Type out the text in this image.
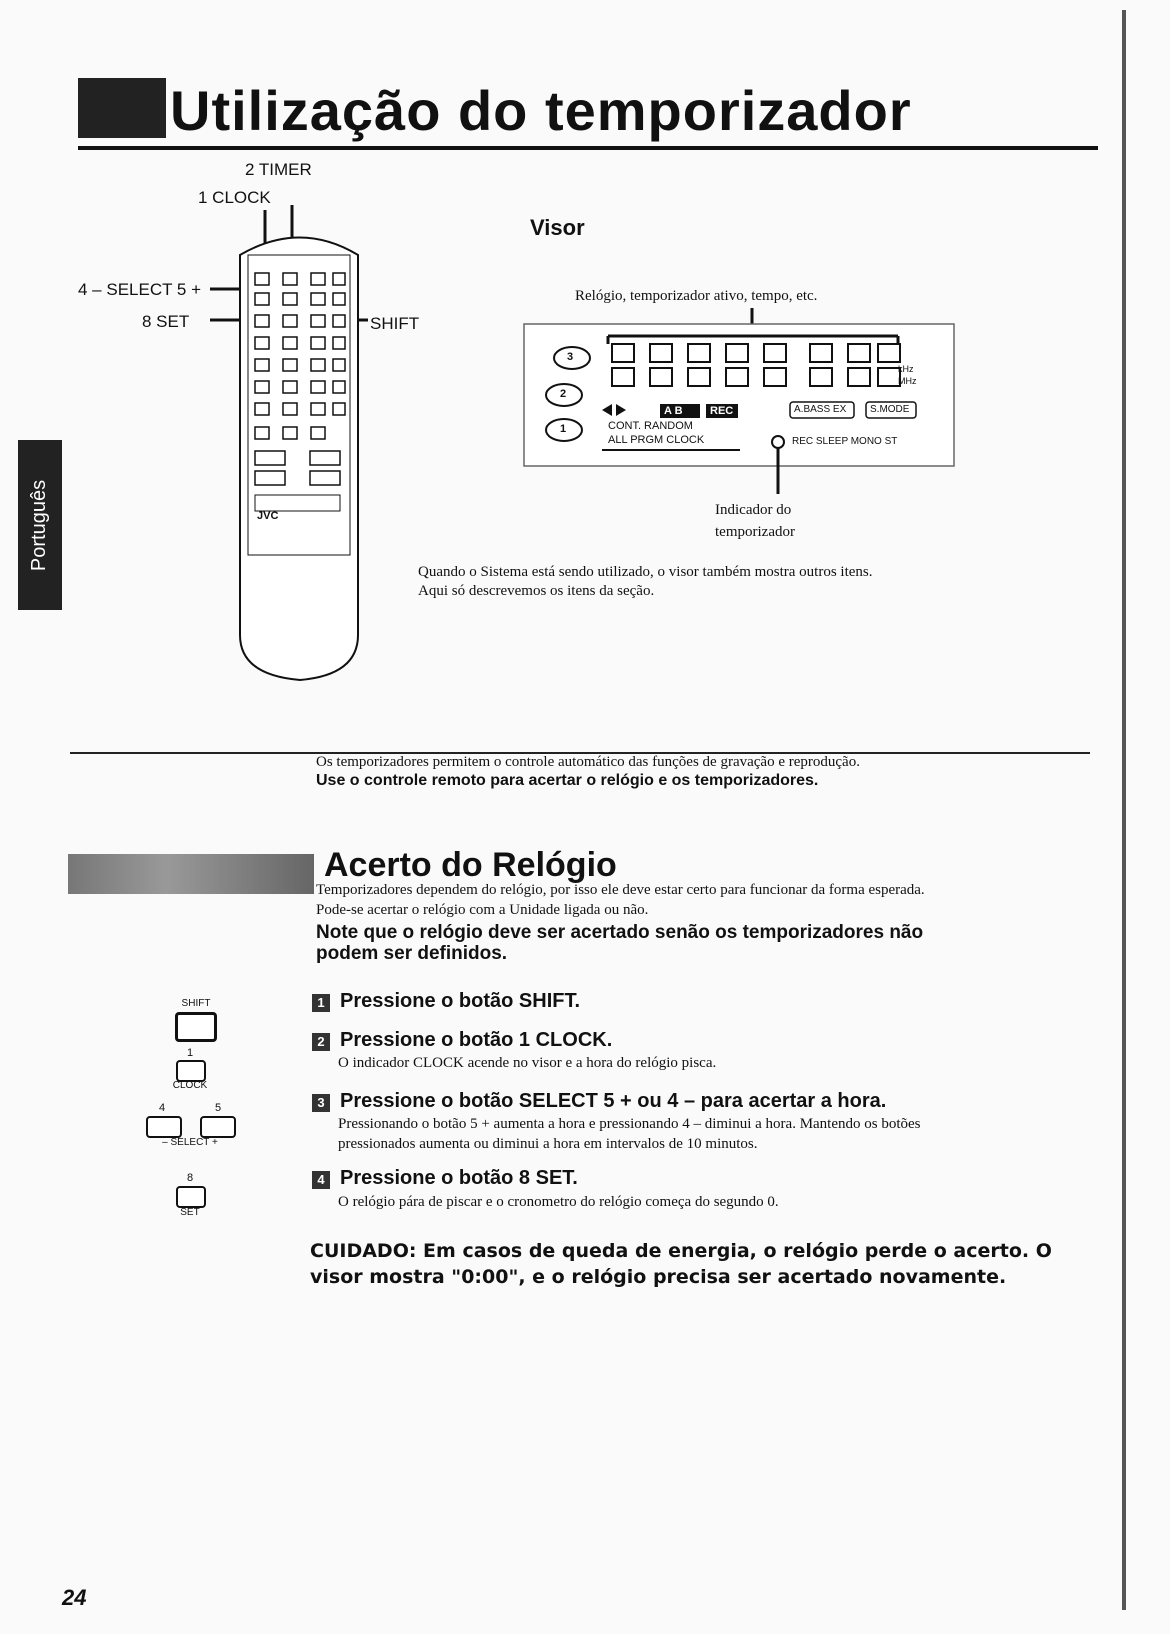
Utilização do temporizador
Português
2 TIMER
1 CLOCK
4 – SELECT 5 +
8 SET	SHIFT
JVC
Visor
Relógio, temporizador ativo, tempo, etc.
kHz
MHz
A B REC
CONT. RANDOM
ALL PRGM CLOCK
A.BASS EX S.MODE
REC SLEEP MONO ST
3
2
1
Indicador do
temporizador
Quando o Sistema está sendo utilizado, o visor também mostra outros itens.
Aqui só descrevemos os itens da seção.
Os temporizadores permitem o controle automático das funções de gravação e reprodução.
Use o controle remoto para acertar o relógio e os temporizadores.
Acerto do Relógio
Temporizadores dependem do relógio, por isso ele deve estar certo para funcionar da forma esperada.
Pode-se acertar o relógio com a Unidade ligada ou não.
Note que o relógio deve ser acertado senão os temporizadores não
podem ser definidos.
SHIFT
1
CLOCK
4	5
– SELECT +
8
SET
1 Pressione o botão SHIFT.
2 Pressione o botão 1 CLOCK.
O indicador CLOCK acende no visor e a hora do relógio pisca.
3 Pressione o botão SELECT 5 + ou 4 – para acertar a hora.
Pressionando o botão 5 + aumenta a hora e pressionando 4 – diminui a hora. Mantendo os botões
pressionados aumenta ou diminui a hora em intervalos de 10 minutos.
4 Pressione o botão 8 SET.
O relógio pára de piscar e o cronometro do relógio começa do segundo 0.
CUIDADO: Em casos de queda de energia, o relógio perde o acerto. O
visor mostra "0:00", e o relógio precisa ser acertado novamente.
24
